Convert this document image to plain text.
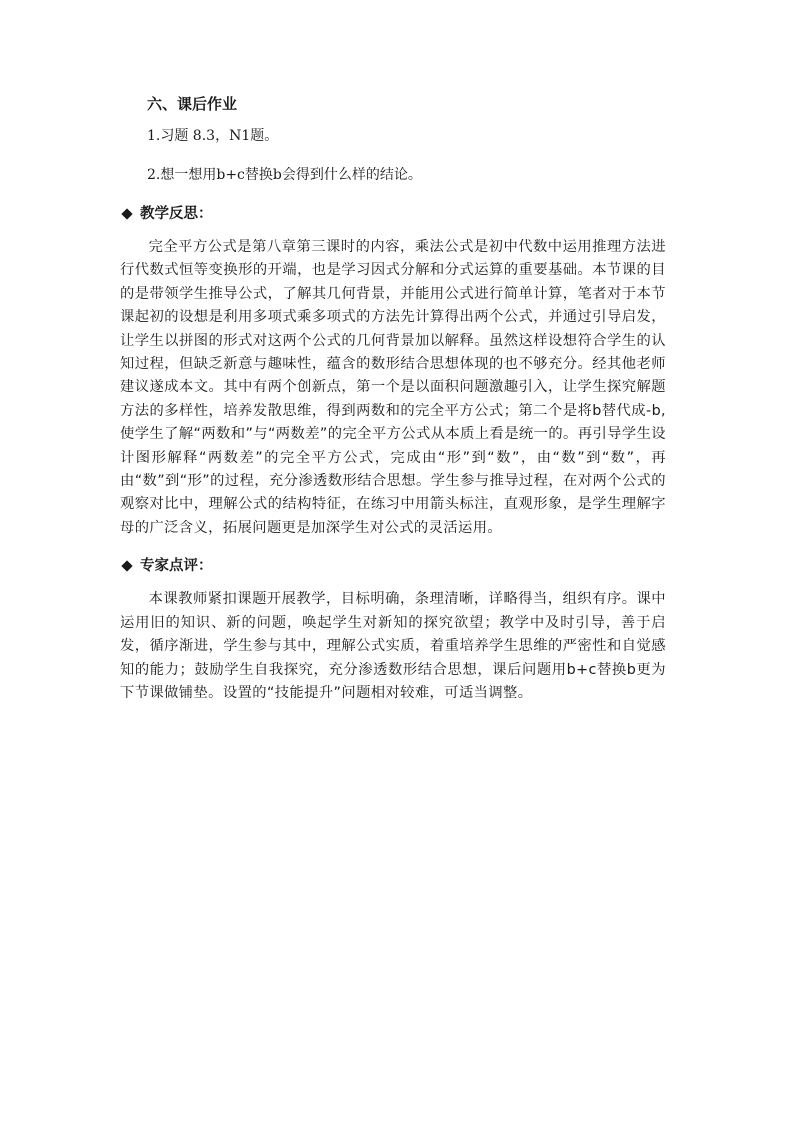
六、课后作业
1.习题 8.3，N1题。
2.想一想用b+c替换b会得到什么样的结论。
教学反思：

完全平方公式是第八章第三课时的内容，乘法公式是初中代数中运用推理方法进行代数式恒等变换形的开端，也是学习因式分解和分式运算的重要基础。本节课的目的是带领学生推导公式，了解其几何背景，并能用公式进行简单计算，笔者对于本节课起初的设想是利用多项式乘多项式的方法先计算得出两个公式，并通过引导启发，让学生以拼图的形式对这两个公式的几何背景加以解释。虽然这样设想符合学生的认知过程，但缺乏新意与趣味性，蕴含的数形结合思想体现的也不够充分。经其他老师建议遂成本文。其中有两个创新点，第一个是以面积问题激趣引入，让学生探究解题方法的多样性，培养发散思维，得到两数和的完全平方公式；第二个是将b替代成-b,使学生了解“两数和”与“两数差”的完全平方公式从本质上看是统一的。再引导学生设计图形解释“两数差”的完全平方公式，完成由“形”到“数”，由“数”到“数”，再由“数”到“形”的过程，充分渗透数形结合思想。学生参与推导过程，在对两个公式的观察对比中，理解公式的结构特征，在练习中用箭头标注，直观形象，是学生理解字母的广泛含义，拓展问题更是加深学生对公式的灵活运用。

专家点评：

本课教师紧扣课题开展教学，目标明确，条理清晰，详略得当，组织有序。课中运用旧的知识、新的问题，唤起学生对新知的探究欲望；教学中及时引导，善于启发，循序渐进，学生参与其中，理解公式实质，着重培养学生思维的严密性和自觉感知的能力；鼓励学生自我探究，充分渗透数形结合思想，课后问题用b+c替换b更为下节课做铺垫。设置的“技能提升”问题相对较难，可适当调整。
